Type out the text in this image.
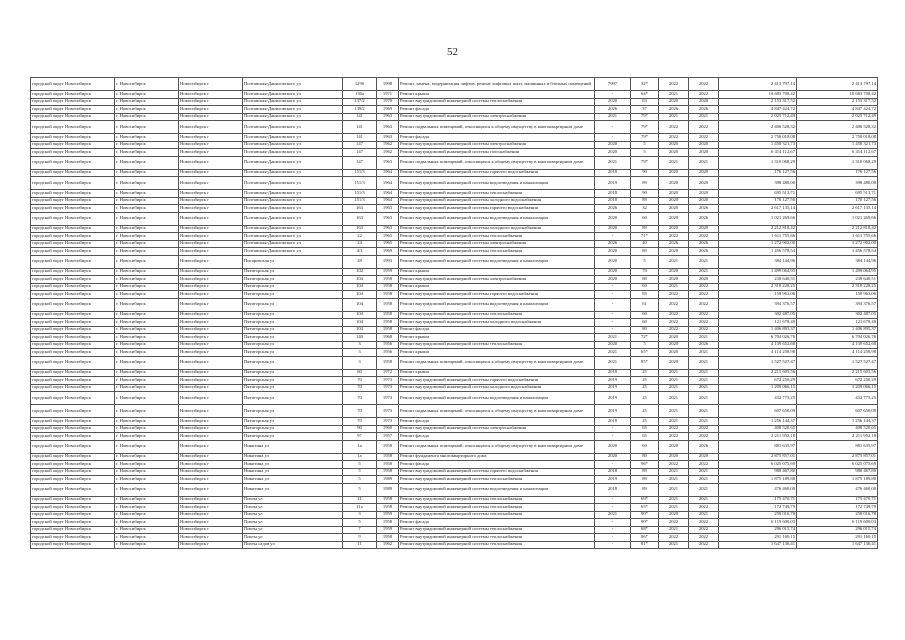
52
городской округ Новосибирск	г. Новосибирск	Новосибирск г	Полтавская-Даниловского ул	129б	1998	Ремонт, замена, модернизация лифтов, ремонт лифтовых шахт, машинных и блочных помещений	7997	32*	2022	2022	2 413 797,14	2 413 797,14
городской округ Новосибирск	г. Новосибирск	Новосибирск г	Полтавская-Даниловского ул	130а	1971	Ремонт крыши	-	64*	2021	2022	10 683 708,42	10 683 708,42
городской округ Новосибирск	г. Новосибирск	Новосибирск г	Полтавская-Даниловского ул	137/2	1970	Ремонт внутридомовой инженерной системы теплоснабжения	2020	63	2020	2020	2 153 317,52	2 153 317,52
городской округ Новосибирск	г. Новосибирск	Новосибирск г	Полтавская-Даниловского ул	139/2	1969	Ремонт фасада	2026	37	2026	2026	4 847 424,72	4 847 424,72
городской округ Новосибирск	г. Новосибирск	Новосибирск г	Полтавская-Даниловского ул	141	1963	Ремонт внутридомовой инженерной системы электроснабжения	2021	79*	2021	2021	2 025 712,49	2 025 712,49
городской округ Новосибирск	г. Новосибирск	Новосибирск г	Полтавская-Даниловского ул	141	1963	Ремонт подвальных помещений, относящихся к общему имуществу в многоквартирном доме	-	79*	2022	2022	2 406 528,32	2 406 528,32
городской округ Новосибирск	г. Новосибирск	Новосибирск г	Полтавская-Даниловского ул	141	1963	Ремонт фасада	-	79*	2022	2022	2 750 018,08	2 750 018,08
городской округ Новосибирск	г. Новосибирск	Новосибирск г	Полтавская-Даниловского ул	147	1962	Ремонт внутридомовой инженерной системы электроснабжения	2020	5	2020	2020	1 458 321,73	1 458 321,73
городской округ Новосибирск	г. Новосибирск	Новосибирск г	Полтавская-Даниловского ул	147	1962	Ремонт внутридомовой инженерной системы газоснабжения	2020	5	2020	2020	6 414 112,67	6 414 112,67
городской округ Новосибирск	г. Новосибирск	Новосибирск г	Полтавская-Даниловского ул	147	1963	Ремонт подвальных помещений, относящихся к общему имуществу в многоквартирном доме	2021	79*	2021	2021	1 310 068,29	1 310 068,29
городской округ Новосибирск	г. Новосибирск	Новосибирск г	Полтавская-Даниловского ул	151/3	1964	Ремонт внутридомовой инженерной системы горячего водоснабжения	2018	90	2020	2020	176 127,56	176 127,56
городской округ Новосибирск	г. Новосибирск	Новосибирск г	Полтавская-Даниловского ул	151/3	1964	Ремонт внутридомовой инженерной системы водоотведения и канализации	2019	89	2020	2020	398 480,00	398 480,00
городской округ Новосибирск	г. Новосибирск	Новосибирск г	Полтавская-Даниловского ул	151/3	1964	Ремонт внутридомовой инженерной системы теплоснабжения	2018	90	2020	2020	695 513,71	695 513,71
городской округ Новосибирск	г. Новосибирск	Новосибирск г	Полтавская-Даниловского ул	151/3	1964	Ремонт внутридомовой инженерной системы холодного водоснабжения	2018	89	2020	2020	170 127,56	170 127,56
городской округ Новосибирск	г. Новосибирск	Новосибирск г	Полтавская-Даниловского ул	163	1963	Ремонт внутридомовой инженерной системы горячего водоснабжения	2026	32	2020	2026	2 617 135,14	2 617 135,14
городской округ Новосибирск	г. Новосибирск	Новосибирск г	Полтавская-Даниловского ул	163	1963	Ремонт внутридомовой инженерной системы водоотведения и канализации	2020	60	2020	2026	1 021 269,66	1 021 269,66
городской округ Новосибирск	г. Новосибирск	Новосибирск г	Полтавская-Даниловского ул	163	1963	Ремонт внутридомовой инженерной системы холодного водоснабжения	2020	89	2020	2020	2 212 818,42	2 212 818,42
городской округ Новосибирск	г. Новосибирск	Новосибирск г	Полтавская-Даниловского ул	22	1965	Ремонт внутридомовой инженерной системы теплоснабжения	-	71*	2022	2022	1 611 755,66	1 611 755,66
городской округ Новосибирск	г. Новосибирск	Новосибирск г	Полтавская-Даниловского ул	24	1965	Ремонт внутридомовой инженерной системы электроснабжения	2026	40	2026	2026	1 272 902,00	1 272 902,00
городской округ Новосибирск	г. Новосибирск	Новосибирск г	Полтавская-Даниловского ул	4/3	1969	Ремонт внутридомовой инженерной системы теплоснабжения	2020	80	2020	2026	1 456 578,54	1 456 578,54
городской округ Новосибирск	г. Новосибирск	Новосибирск г	Писаревская ул	28	1993	Ремонт внутридомовой инженерной системы водоотведения и канализации	2020	5	2021	2021	384 144,96	384 144,96
городской округ Новосибирск	г. Новосибирск	Новосибирск г	Пятигорская ул	102	1959	Ремонт крыши	2020	70	2020	2021	1 499 064,95	1 499 064,95
городской округ Новосибирск	г. Новосибирск	Новосибирск г	Пятигорская ул	104	1958	Ремонт внутридомовой инженерной системы электроснабжения	2020	80	2020	2020	238 640,51	238 640,51
городской округ Новосибирск	г. Новосибирск	Новосибирск г	Пятигорская ул	104	1958	Ремонт крыши	-	60	2021	2022	2 318 228,25	2 318 228,25
городской округ Новосибирск	г. Новосибирск	Новосибирск г	Пятигорская ул	104	1958	Ремонт внутридомовой инженерной системы горячего водоснабжения	-	85	2022	2022	158 963,06	158 963,06
городской округ Новосибирск	г. Новосибирск	Новосибирск г	Пятигорская ул	104	1958	Ремонт внутридомовой инженерной системы водоотведения и канализации	-	61	2022	2022	394 376,57	394 376,57
городской округ Новосибирск	г. Новосибирск	Новосибирск г	Пятигорская ул	104	1958	Ремонт внутридомовой инженерной системы теплоснабжения	-	60	2022	2022	302 487,05	302 487,05
городской округ Новосибирск	г. Новосибирск	Новосибирск г	Пятигорская ул	104	1958	Ремонт внутридомовой инженерной системы холодного водоснабжения	-	60	2022	2022	121 678,49	121 678,49
городской округ Новосибирск	г. Новосибирск	Новосибирск г	Пятигорская ул	104	1958	Ремонт фасада	-	80	2022	2022	1 406 895,37	1 406 895,37
городской округ Новосибирск	г. Новосибирск	Новосибирск г	Пятигорская ул	140	1968	Ремонт крыши	2021	72*	2020	2021	6 704 026,76	6 704 026,76
городской округ Новосибирск	г. Новосибирск	Новосибирск г	Пятигорская ул	3	1956	Ремонт внутридомовой инженерной системы теплоснабжения	2020	5	2020	2026	4 139 652,68	4 139 652,68
городской округ Новосибирск	г. Новосибирск	Новосибирск г	Пятигорская ул	3	1956	Ремонт крыши	2021	65*	2020	2021	4 114 258,98	4 114 258,98
городской округ Новосибирск	г. Новосибирск	Новосибирск г	Пятигорская ул	3	1958	Ремонт подвальных помещений, относящихся к общему имуществу в многоквартирном доме	2021	85*	2020	2021	1 527 527,47	1 527 527,47
городской округ Новосибирск	г. Новосибирск	Новосибирск г	Пятигорская ул	60	1972	Ремонт крыши	2018	25	2021	2021	2 215 605,56	2 215 605,56
городской округ Новосибирск	г. Новосибирск	Новосибирск г	Пятигорская ул	70	1973	Ремонт внутридомовой инженерной системы горячего водоснабжения	2019	25	2021	2021	672 250,29	672 250,29
городской округ Новосибирск	г. Новосибирск	Новосибирск г	Пятигорская ул	70	1973	Ремонт внутридомовой инженерной системы холодного водоснабжения	2019	25	2021	2021	1 209 066,15	1 209 066,15
городской округ Новосибирск	г. Новосибирск	Новосибирск г	Пятигорская ул	70	1973	Ремонт внутридомовой инженерной системы водоотведения и канализации	2019	25	2021	2021	432 775,25	432 775,25
городской округ Новосибирск	г. Новосибирск	Новосибирск г	Пятигорская ул	70	1973	Ремонт подвальных помещений, относящихся к общему имуществу в многоквартирном доме	2019	25	2021	2021	607 650,09	607 650,09
городской округ Новосибирск	г. Новосибирск	Новосибирск г	Пятигорская ул	70	1973	Ремонт фасада	2018	25	2021	2021	1 256 144,37	1 256 144,37
городской округ Новосибирск	г. Новосибирск	Новосибирск г	Пятигорская ул	90	1960	Ремонт внутридомовой инженерной системы электроснабжения	-	65	2022	2022	408 520,65	408 520,65
городской округ Новосибирск	г. Новосибирск	Новосибирск г	Пятигорская ул	97	1957	Ремонт фасада	-	65	2022	2022	2 211 952,18	2 211 952,18
городской округ Новосибирск	г. Новосибирск	Новосибирск г	Никитина ул	1а	1958	Ремонт подвальных помещений, относящихся к общему имуществу в многоквартирном доме	2020	60	2020	2026	881 635,97	881 635,97
городской округ Новосибирск	г. Новосибирск	Новосибирск г	Никитина ул	1а	1958	Ремонт фундамента многоквартирного дома	2020	80	2020	2020	2 875 857,01	2 875 857,01
городской округ Новосибирск	г. Новосибирск	Новосибирск г	Никитина ул	5	1958	Ремонт фасада	-	96*	2022	2022	6 025 075,69	6 025 075,69
городской округ Новосибирск	г. Новосибирск	Новосибирск г	Никитина ул	5	1958	Ремонт внутридомовой инженерной системы горячего водоснабжения	2018	89	2021	2021	980 467,80	980 467,80
городской округ Новосибирск	г. Новосибирск	Новосибирск г	Никитина ул	5	1989	Ремонт внутридомовой инженерной системы теплоснабжения	2019	89	2021	2021	1 875 189,80	1 875 189,80
городской округ Новосибирск	г. Новосибирск	Новосибирск г	Никитина ул	5	1989	Ремонт внутридомовой инженерной системы водоотведения и канализации	2018	89	2021	2021	476 460,00	476 460,00
городской округ Новосибирск	г. Новосибирск	Новосибирск г	Пихты ул	11	1958	Ремонт внутридомовой инженерной системы теплоснабжения	-	69*	2021	2021	175 470,71	175 470,71
городской округ Новосибирск	г. Новосибирск	Новосибирск г	Пихты ул	11а	1958	Ремонт внутридомовой инженерной системы теплоснабжения	-	65*	2021	2022	172 749,79	172 749,79
городской округ Новосибирск	г. Новосибирск	Новосибирск г	Пихты ул	3	1959	Ремонт внутридомовой инженерной системы теплоснабжения	2021	90*	2020	2021	258 016,78	258 016,78
городской округ Новосибирск	г. Новосибирск	Новосибирск г	Пихты ул	5	1958	Ремонт фасада	-	90*	2022	2022	6 119 600,03	6 119 600,03
городской округ Новосибирск	г. Новосибирск	Новосибирск г	Пихты ул	7	1959	Ремонт внутридомовой инженерной системы теплоснабжения	-	68*	2021	2022	296 015,74	296 015,74
городской округ Новосибирск	г. Новосибирск	Новосибирск г	Пихты ул	9	1958	Ремонт внутридомовой инженерной системы теплоснабжения	-	86*	2022	2022	291 160,15	291 160,15
городской округ Новосибирск	г. Новосибирск	Новосибирск г	Пихты садов ул	11	1962	Ремонт внутридомовой инженерной системы теплоснабжения	-	81*	2021	2022	1 647 136,41	1 647 136,41
